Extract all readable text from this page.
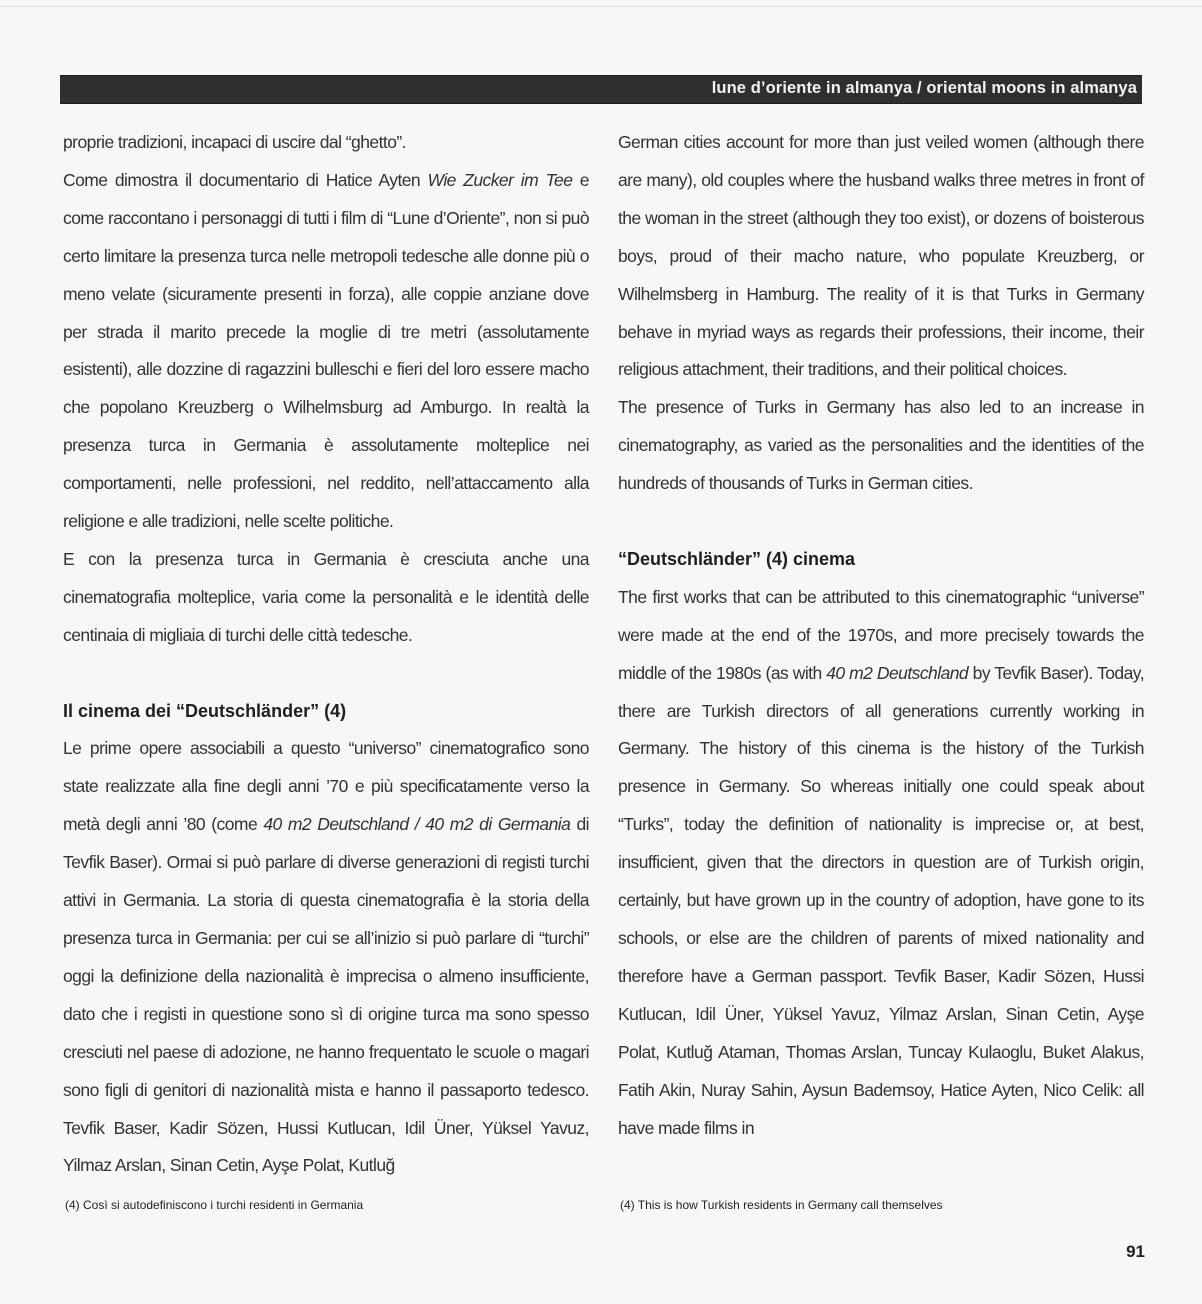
lune d’oriente in almanya / oriental moons in almanya

proprie tradizioni, incapaci di uscire dal “ghetto”.

Come dimostra il documentario di Hatice Ayten Wie Zucker im Tee e come raccontano i personaggi di tutti i film di “Lune d’Oriente”, non si può certo limitare la presenza turca nelle metropoli tedesche alle donne più o meno velate (sicuramente presenti in forza), alle coppie anziane dove per strada il marito precede la moglie di tre metri (assolutamente esistenti), alle dozzine di ragazzini bulleschi e fieri del loro essere macho che popolano Kreuzberg o Wilhelmsburg ad Amburgo. In realtà la presenza turca in Germania è assolutamente molteplice nei comportamenti, nelle professioni, nel reddito, nell’attaccamento alla religione e alle tradizioni, nelle scelte politiche.

E con la presenza turca in Germania è cresciuta anche una cinematografia molteplice, varia come la personalità e le identità delle centinaia di migliaia di turchi delle città tedesche.

Il cinema dei “Deutschländer” (4)

Le prime opere associabili a questo “universo” cinematografico sono state realizzate alla fine degli anni ’70 e più specificatamente verso la metà degli anni ’80 (come 40 m2 Deutschland / 40 m2 di Germania di Tevfik Baser). Ormai si può parlare di diverse generazioni di registi turchi attivi in Germania. La storia di questa cinematografia è la storia della presenza turca in Germania: per cui se all’inizio si può parlare di “turchi” oggi la definizione della nazionalità è imprecisa o almeno insufficiente, dato che i registi in questione sono sì di origine turca ma sono spesso cresciuti nel paese di adozione, ne hanno frequentato le scuole o magari sono figli di genitori di nazionalità mista e hanno il passaporto tedesco. Tevfik Baser, Kadir Sözen, Hussi Kutlucan, Idil Üner, Yüksel Yavuz, Yilmaz Arslan, Sinan Cetin, Ayşe Polat, Kutluğ

German cities account for more than just veiled women (although there are many), old couples where the husband walks three metres in front of the woman in the street (although they too exist), or dozens of boisterous boys, proud of their macho nature, who populate Kreuzberg, or Wilhelmsberg in Hamburg. The reality of it is that Turks in Germany behave in myriad ways as regards their professions, their income, their religious attachment, their traditions, and their political choices.

The presence of Turks in Germany has also led to an increase in cinematography, as varied as the personalities and the identities of the hundreds of thousands of Turks in German cities.

“Deutschländer” (4) cinema

The first works that can be attributed to this cinematographic “universe” were made at the end of the 1970s, and more precisely towards the middle of the 1980s (as with 40 m2 Deutschland by Tevfik Baser). Today, there are Turkish directors of all generations currently working in Germany. The history of this cinema is the history of the Turkish presence in Germany. So whereas initially one could speak about “Turks”, today the definition of nationality is imprecise or, at best, insufficient, given that the directors in question are of Turkish origin, certainly, but have grown up in the country of adoption, have gone to its schools, or else are the children of parents of mixed nationality and therefore have a German passport. Tevfik Baser, Kadir Sözen, Hussi Kutlucan, Idil Üner, Yüksel Yavuz, Yilmaz Arslan, Sinan Cetin, Ayşe Polat, Kutluğ Ataman, Thomas Arslan, Tuncay Kulaoglu, Buket Alakus, Fatih Akin, Nuray Sahin, Aysun Bademsoy, Hatice Ayten, Nico Celik: all have made films in

(4) Così si autodefiniscono i turchi residenti in Germania	(4) This is how Turkish residents in Germany call themselves
91
